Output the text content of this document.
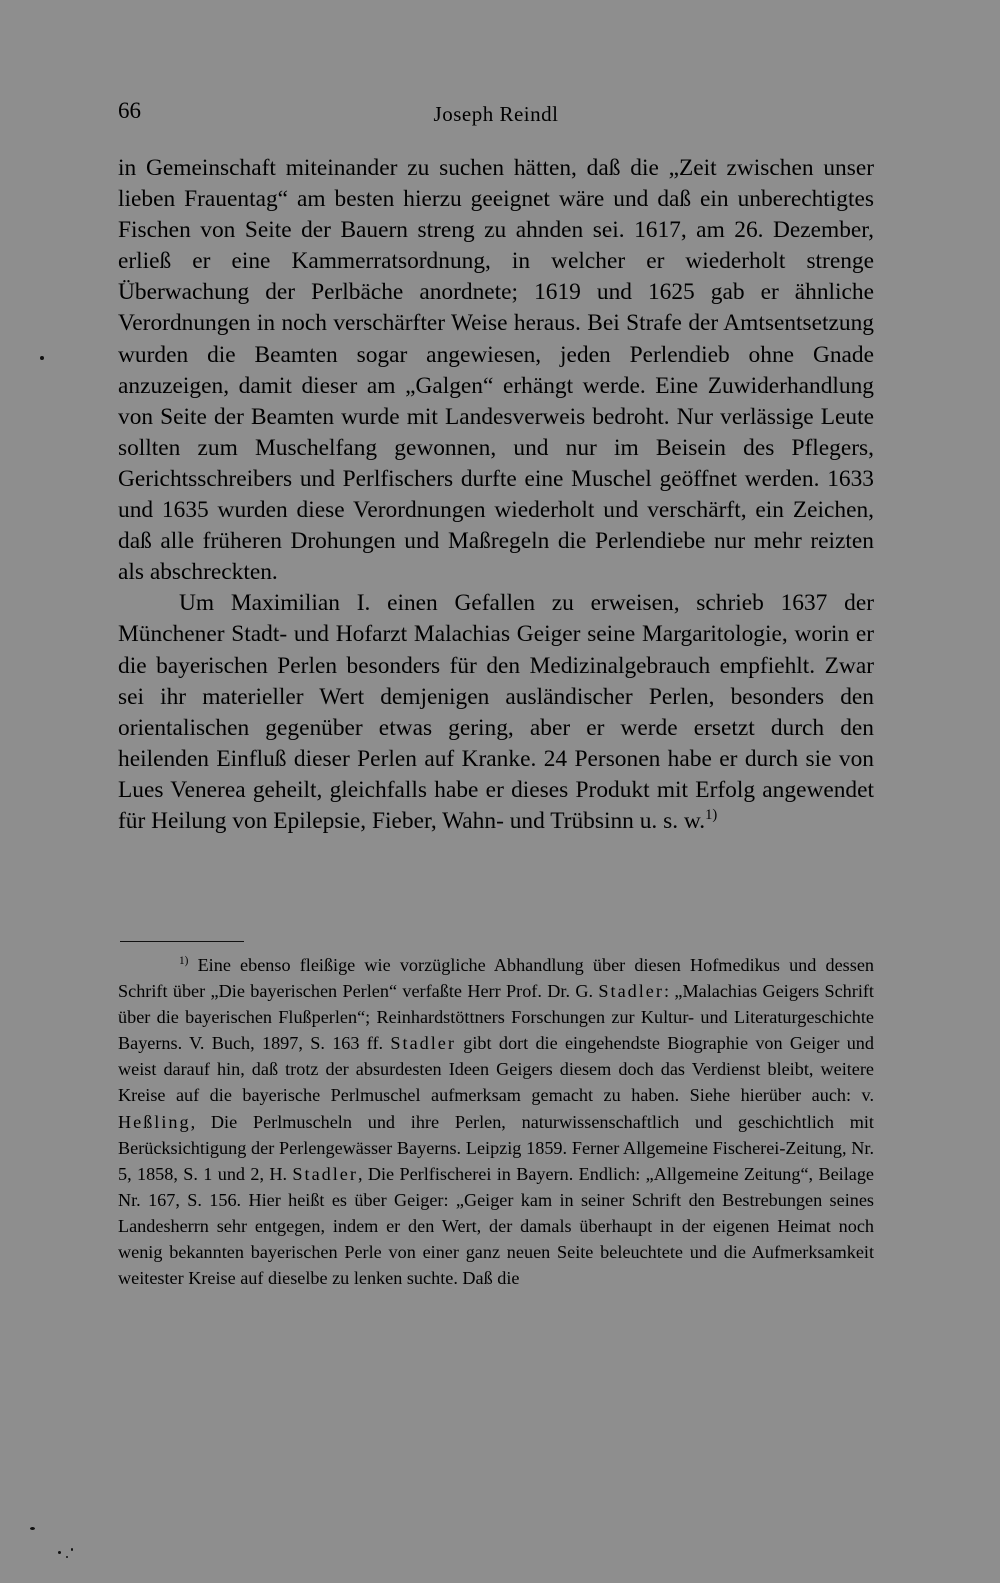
66	Joseph Reindl

in Gemeinschaft miteinander zu suchen hätten, daß die „Zeit zwischen unser lieben Frauentag“ am besten hierzu geeignet wäre und daß ein unberechtigtes Fischen von Seite der Bauern streng zu ahnden sei. 1617, am 26. Dezember, erließ er eine Kammerratsordnung, in welcher er wiederholt strenge Überwachung der Perlbäche anordnete; 1619 und 1625 gab er ähnliche Verordnungen in noch verschärfter Weise heraus. Bei Strafe der Amtsentsetzung wurden die Beamten sogar angewiesen, jeden Perlendieb ohne Gnade anzuzeigen, damit dieser am „Galgen“ erhängt werde. Eine Zuwiderhandlung von Seite der Beamten wurde mit Landesverweis bedroht. Nur verlässige Leute sollten zum Muschelfang gewonnen, und nur im Beisein des Pflegers, Gerichtsschreibers und Perlfischers durfte eine Muschel geöffnet werden. 1633 und 1635 wurden diese Verordnungen wiederholt und verschärft, ein Zeichen, daß alle früheren Drohungen und Maßregeln die Perlendiebe nur mehr reizten als abschreckten.

Um Maximilian I. einen Gefallen zu erweisen, schrieb 1637 der Münchener Stadt- und Hofarzt Malachias Geiger seine Margaritologie, worin er die bayerischen Perlen besonders für den Medizinalgebrauch empfiehlt. Zwar sei ihr materieller Wert demjenigen ausländischer Perlen, besonders den orientalischen gegenüber etwas gering, aber er werde ersetzt durch den heilenden Einfluß dieser Perlen auf Kranke. 24 Personen habe er durch sie von Lues Venerea geheilt, gleichfalls habe er dieses Produkt mit Erfolg angewendet für Heilung von Epilepsie, Fieber, Wahn- und Trübsinn u. s. w.$^{1)}$

$^{1)}$ Eine ebenso fleißige wie vorzügliche Abhandlung über diesen Hofmedikus und dessen Schrift über „Die bayerischen Perlen“ verfaßte Herr Prof. Dr. G. Stadler: „Malachias Geigers Schrift über die bayerischen Flußperlen“; Reinhardstöttners Forschungen zur Kultur- und Literaturgeschichte Bayerns. V. Buch, 1897, S. 163 ff. Stadler gibt dort die eingehendste Biographie von Geiger und weist darauf hin, daß trotz der absurdesten Ideen Geigers diesem doch das Verdienst bleibt, weitere Kreise auf die bayerische Perlmuschel aufmerksam gemacht zu haben. Siehe hierüber auch: v. Heßling, Die Perlmuscheln und ihre Perlen, naturwissenschaftlich und geschichtlich mit Berücksichtigung der Perlengewässer Bayerns. Leipzig 1859. Ferner Allgemeine Fischerei-Zeitung, Nr. 5, 1858, S. 1 und 2, H. Stadler, Die Perlfischerei in Bayern. Endlich: „Allgemeine Zeitung“, Beilage Nr. 167, S. 156. Hier heißt es über Geiger: „Geiger kam in seiner Schrift den Bestrebungen seines Landesherrn sehr entgegen, indem er den Wert, der damals überhaupt in der eigenen Heimat noch wenig bekannten bayerischen Perle von einer ganz neuen Seite beleuchtete und die Aufmerksamkeit weitester Kreise auf dieselbe zu lenken suchte. Daß die
